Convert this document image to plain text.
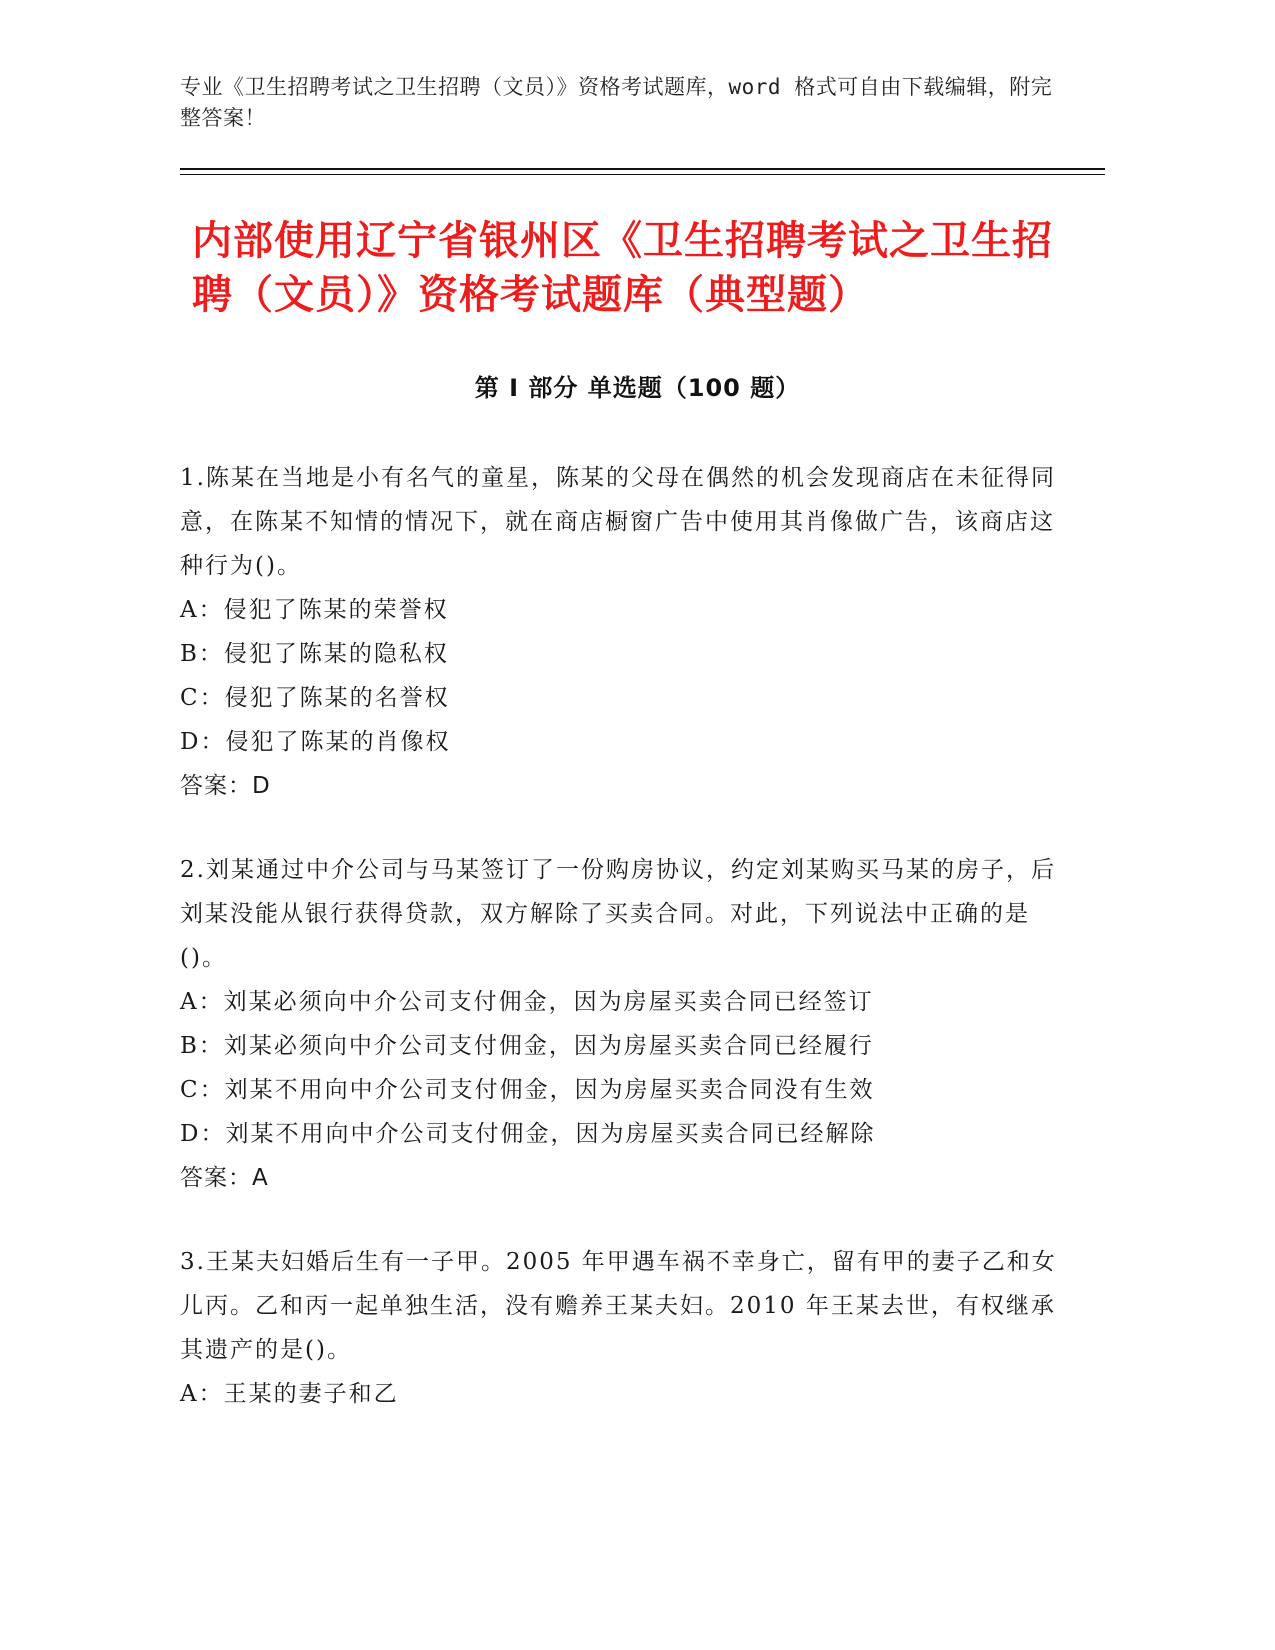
专业《卫生招聘考试之卫生招聘（文员）》资格考试题库，word 格式可自由下载编辑，附完整答案！
内部使用辽宁省银州区《卫生招聘考试之卫生招聘（文员）》资格考试题库（典型题）
第 I 部分 单选题（100 题）

1.陈某在当地是小有名气的童星，陈某的父母在偶然的机会发现商店在未征得同意，在陈某不知情的情况下，就在商店橱窗广告中使用其肖像做广告，该商店这种行为()。

A：侵犯了陈某的荣誉权

B：侵犯了陈某的隐私权

C：侵犯了陈某的名誉权

D：侵犯了陈某的肖像权

答案：D

2.刘某通过中介公司与马某签订了一份购房协议，约定刘某购买马某的房子，后刘某没能从银行获得贷款，双方解除了买卖合同。对此，下列说法中正确的是()。

A：刘某必须向中介公司支付佣金，因为房屋买卖合同已经签订

B：刘某必须向中介公司支付佣金，因为房屋买卖合同已经履行

C：刘某不用向中介公司支付佣金，因为房屋买卖合同没有生效

D：刘某不用向中介公司支付佣金，因为房屋买卖合同已经解除

答案：A

3.王某夫妇婚后生有一子甲。2005 年甲遇车祸不幸身亡，留有甲的妻子乙和女儿丙。乙和丙一起单独生活，没有赡养王某夫妇。2010 年王某去世，有权继承其遗产的是()。

A：王某的妻子和乙
